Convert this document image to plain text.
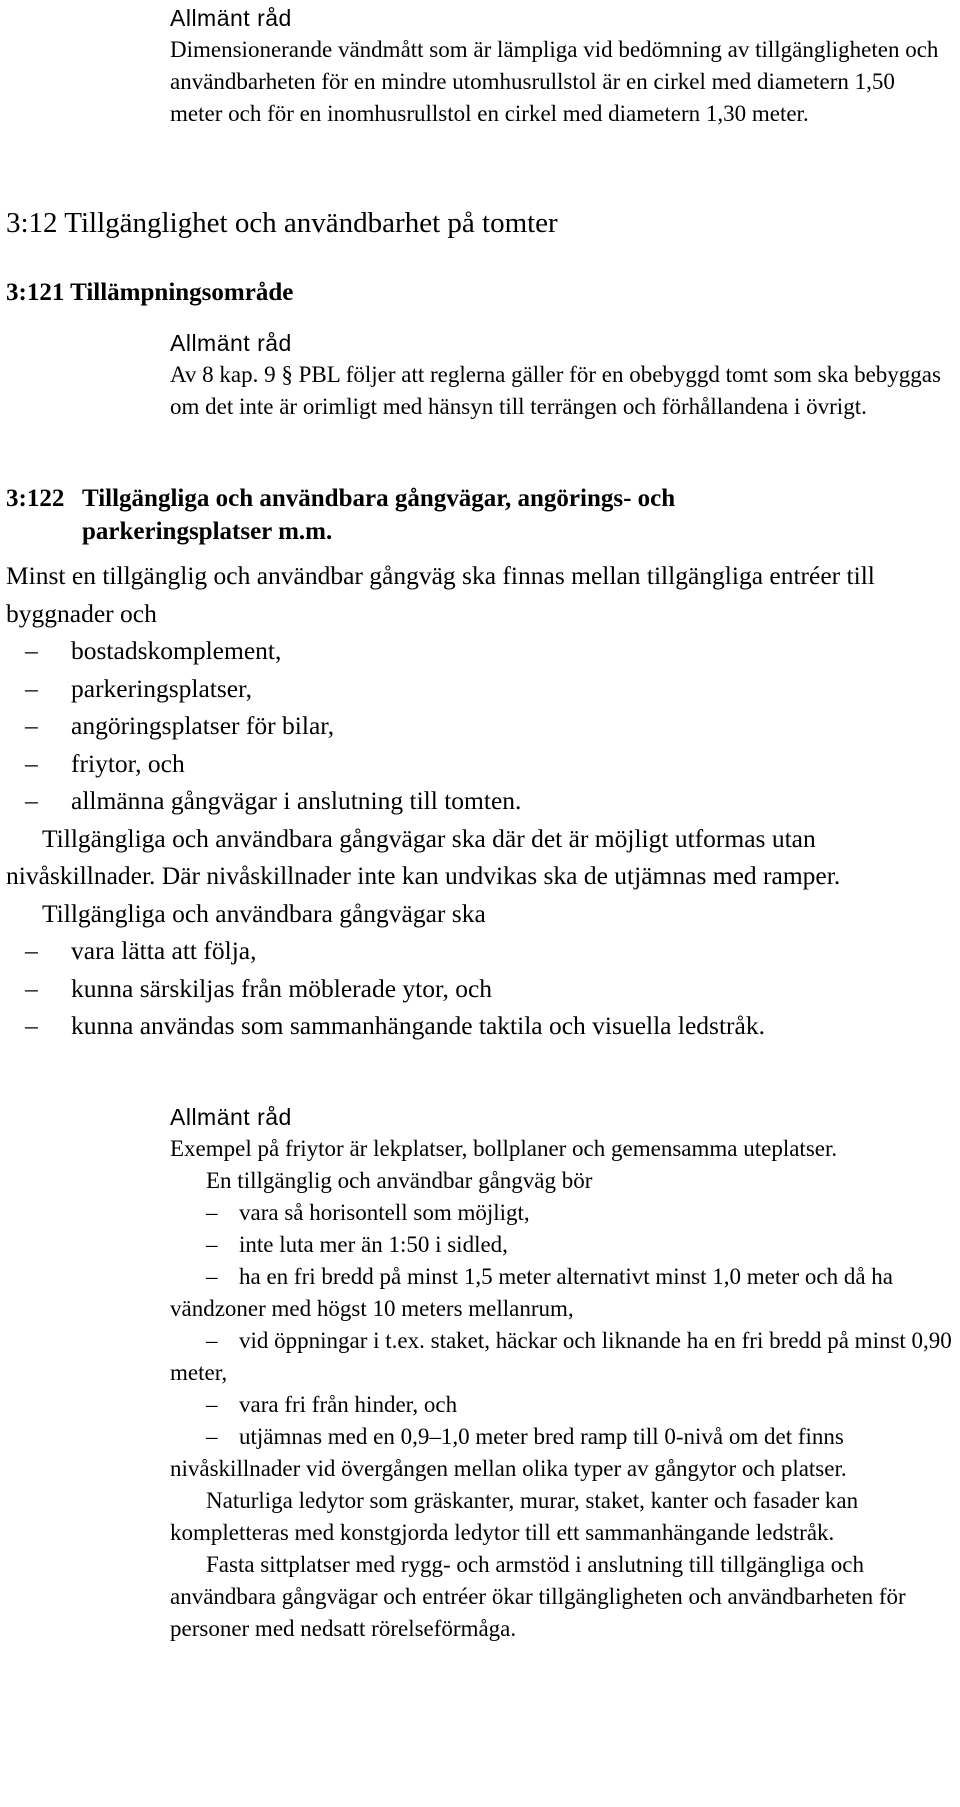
Allmänt råd

Dimensionerande vändmått som är lämpliga vid bedömning av tillgängligheten och användbarheten för en mindre utomhusrullstol är en cirkel med diametern 1,50 meter och för en inomhusrullstol en cirkel med diametern 1,30 meter.

3:12 Tillgänglighet och användbarhet på tomter
3:121 Tillämpningsområde
Allmänt råd

Av 8 kap. 9 § PBL följer att reglerna gäller för en obebyggd tomt som ska bebyggas om det inte är orimligt med hänsyn till terrängen och förhållandena i övrigt.

3:122 Tillgängliga och användbara gångvägar, angörings- och
parkeringsplatser m.m.

Minst en tillgänglig och användbar gångväg ska finnas mellan tillgängliga entréer till byggnader och

– bostadskomplement,
– parkeringsplatser,
– angöringsplatser för bilar,
– friytor, och
– allmänna gångvägar i anslutning till tomten.

Tillgängliga och användbara gångvägar ska där det är möjligt utformas utan nivåskillnader. Där nivåskillnader inte kan undvikas ska de utjämnas med ramper.

Tillgängliga och användbara gångvägar ska

– vara lätta att följa,
– kunna särskiljas från möblerade ytor, och
– kunna användas som sammanhängande taktila och visuella ledstråk.
Allmänt råd

Exempel på friytor är lekplatser, bollplaner och gemensamma uteplatser.

En tillgänglig och användbar gångväg bör

– vara så horisontell som möjligt,
– inte luta mer än 1:50 i sidled,
– ha en fri bredd på minst 1,5 meter alternativt minst 1,0 meter och då ha vändzoner med högst 10 meters mellanrum,
– vid öppningar i t.ex. staket, häckar och liknande ha en fri bredd på minst 0,90 meter,
– vara fri från hinder, och
– utjämnas med en 0,9–1,0 meter bred ramp till 0-nivå om det finns nivåskillnader vid övergången mellan olika typer av gångytor och platser.

Naturliga ledytor som gräskanter, murar, staket, kanter och fasader kan kompletteras med konstgjorda ledytor till ett sammanhängande ledstråk.

Fasta sittplatser med rygg- och armstöd i anslutning till tillgängliga och användbara gångvägar och entréer ökar tillgängligheten och användbarheten för personer med nedsatt rörelseförmåga.
